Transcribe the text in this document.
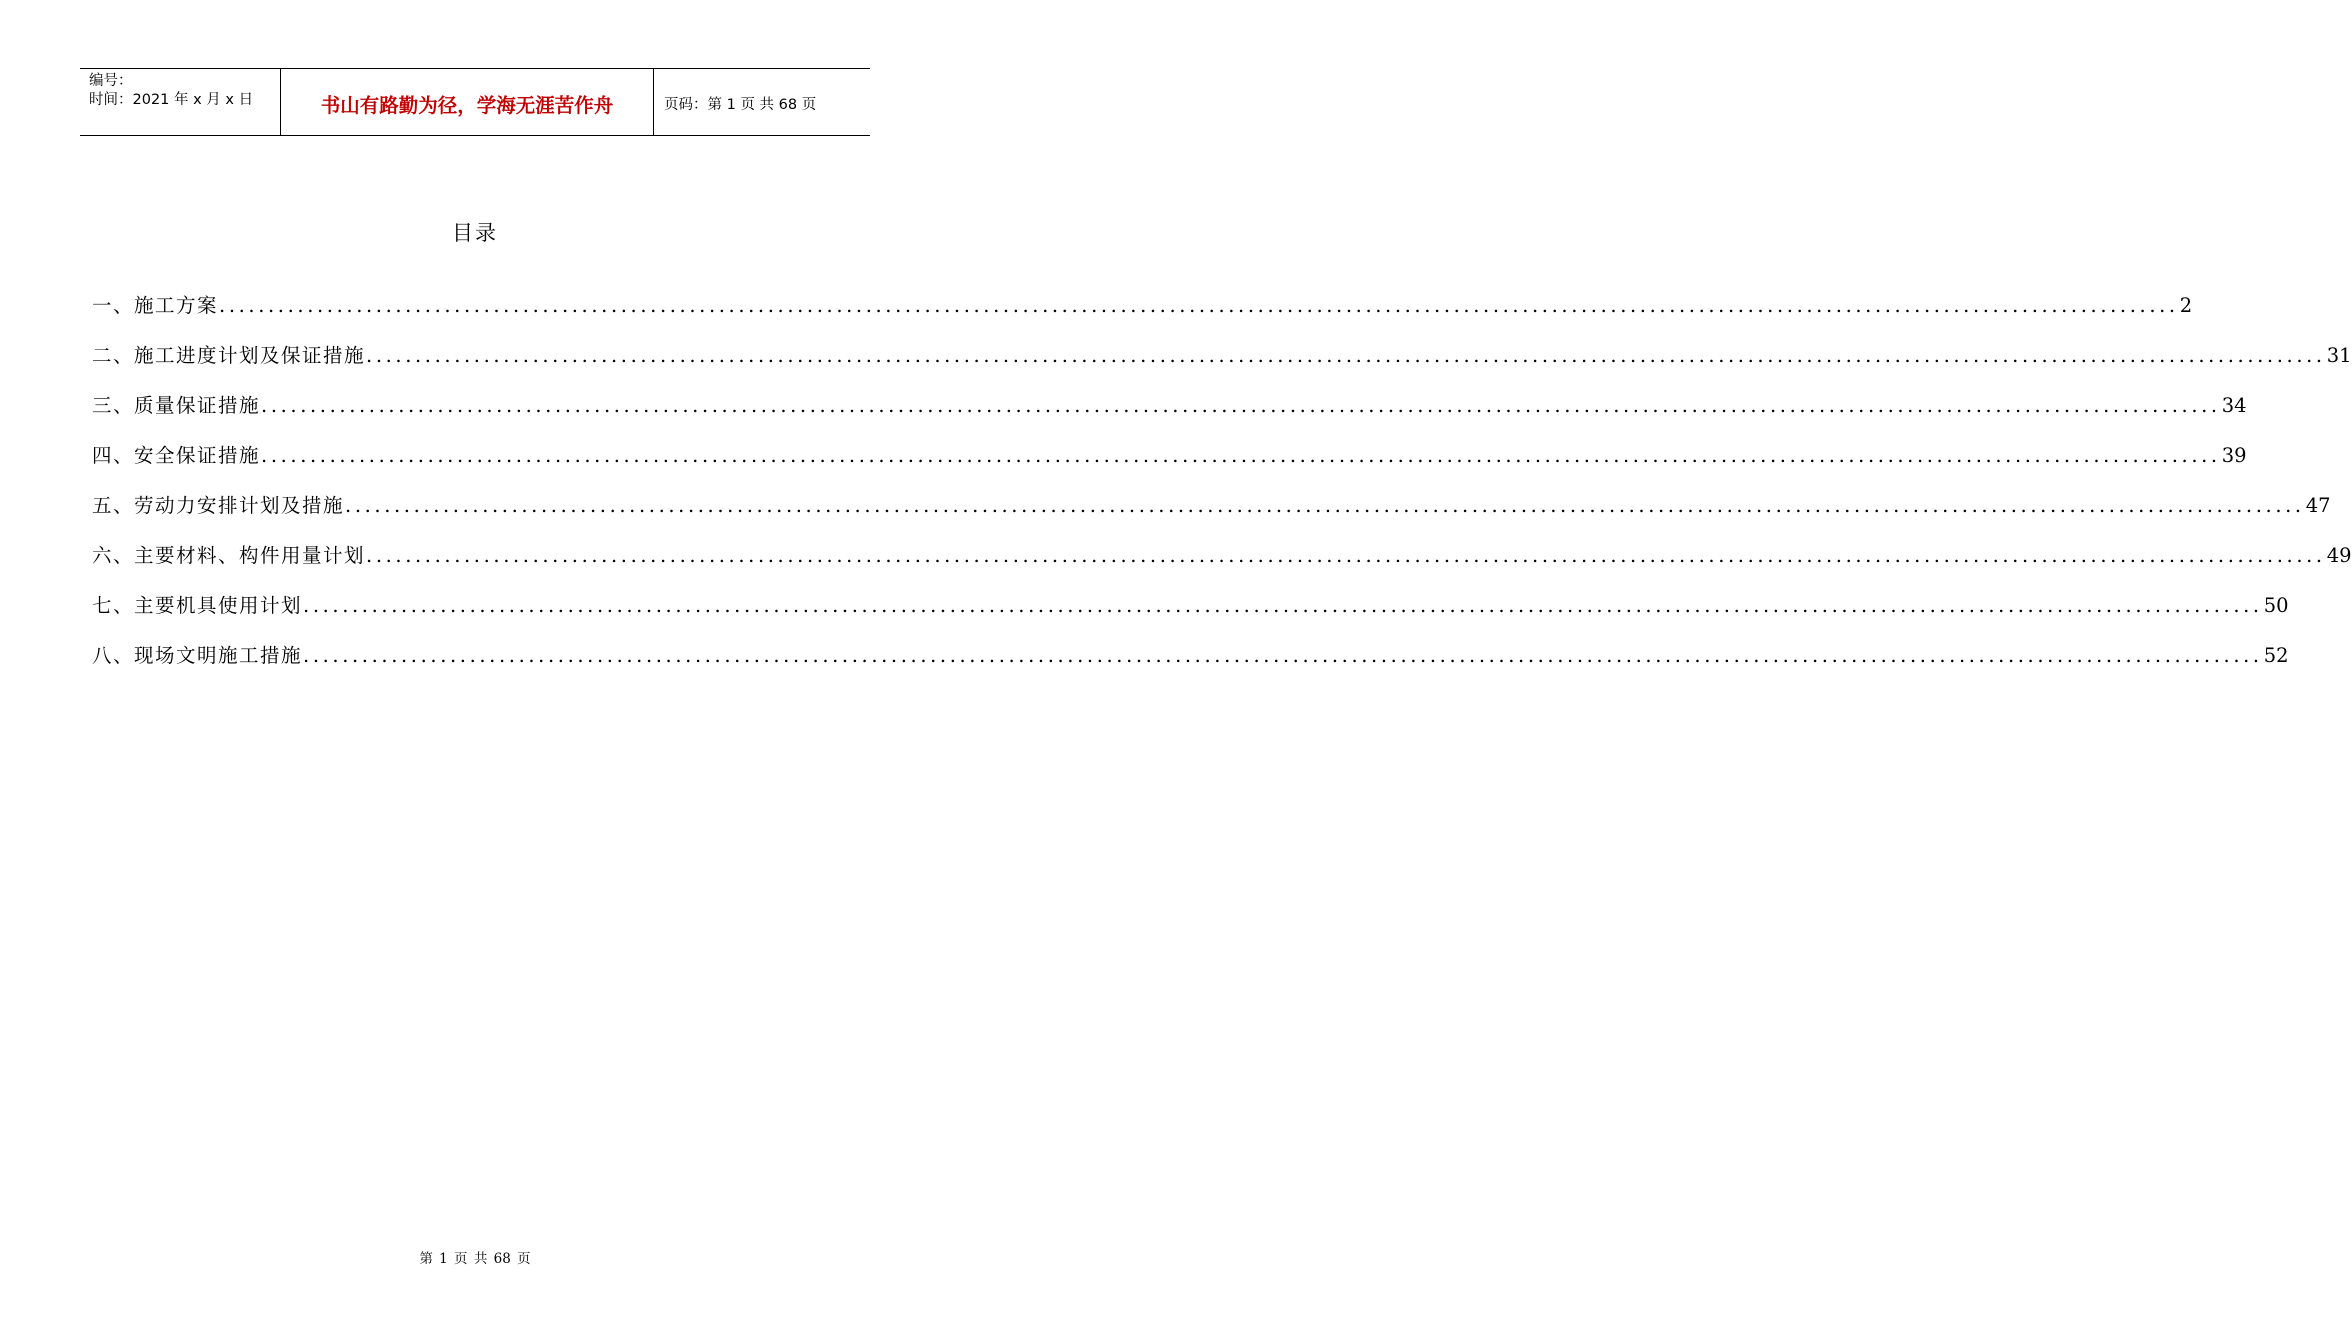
编号：
时间：2021 年 x 月 x 日	书山有路勤为径，学海无涯苦作舟	页码：第 1 页 共 68 页
目录
一、施工方案 ........................................................................................................................................................................................................ 2
二、施工进度计划及保证措施 ........................................................................................................................................................................................................ 31
三、质量保证措施 ........................................................................................................................................................................................................ 34
四、安全保证措施 ........................................................................................................................................................................................................ 39
五、劳动力安排计划及措施 ........................................................................................................................................................................................................ 47
六、主要材料、构件用量计划 ........................................................................................................................................................................................................ 49
七、主要机具使用计划 ........................................................................................................................................................................................................ 50
八、现场文明施工措施 ........................................................................................................................................................................................................ 52
第 1 页 共 68 页
